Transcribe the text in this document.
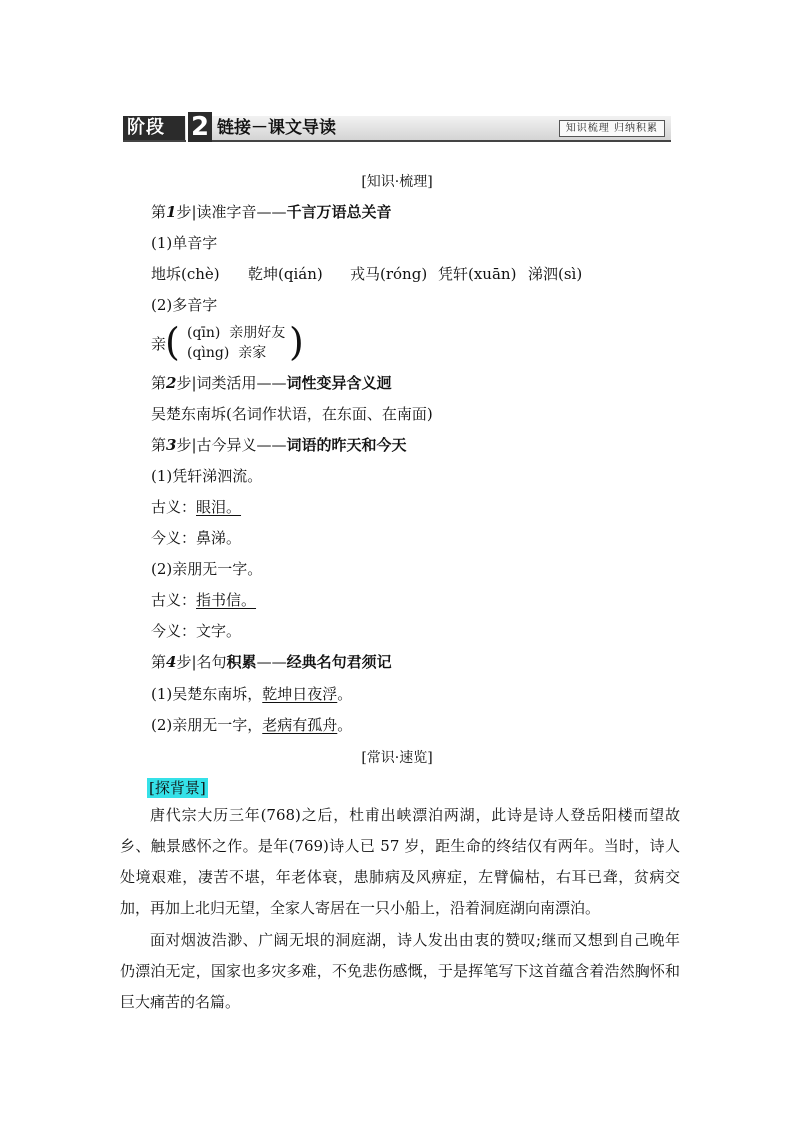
阶段 2 链接－课文导读	知识梳理 归纳积累
[知识·梳理]
第1步|读准字音——千言万语总关音
(1)单音字
地坼(chè) 乾坤(qián) 戎马(róng) 凭轩(xuān) 涕泗(sì)
(2)多音字
亲
( (qīn) 亲朋好友
(qìng) 亲家 )
第2步|词类活用——词性变异含义迥
吴楚东南坼(名词作状语，在东面、在南面)
第3步|古今异义——词语的昨天和今天
(1)凭轩涕泗流。
古义：眼泪。
今义：鼻涕。
(2)亲朋无一字。
古义：指书信。
今义：文字。
第4步|名句积累——经典名句君须记
(1)吴楚东南坼，乾坤日夜浮。
(2)亲朋无一字，老病有孤舟。
[常识·速览]
[探背景]
唐代宗大历三年(768)之后，杜甫出峡漂泊两湖，此诗是诗人登岳阳楼而望故乡、触景感怀之作。是年(769)诗人已 57 岁，距生命的终结仅有两年。当时，诗人处境艰难，凄苦不堪，年老体衰，患肺病及风痹症，左臂偏枯，右耳已聋，贫病交加，再加上北归无望，全家人寄居在一只小船上，沿着洞庭湖向南漂泊。
面对烟波浩渺、广阔无垠的洞庭湖，诗人发出由衷的赞叹;继而又想到自己晚年仍漂泊无定，国家也多灾多难，不免悲伤感慨，于是挥笔写下这首蕴含着浩然胸怀和巨大痛苦的名篇。
